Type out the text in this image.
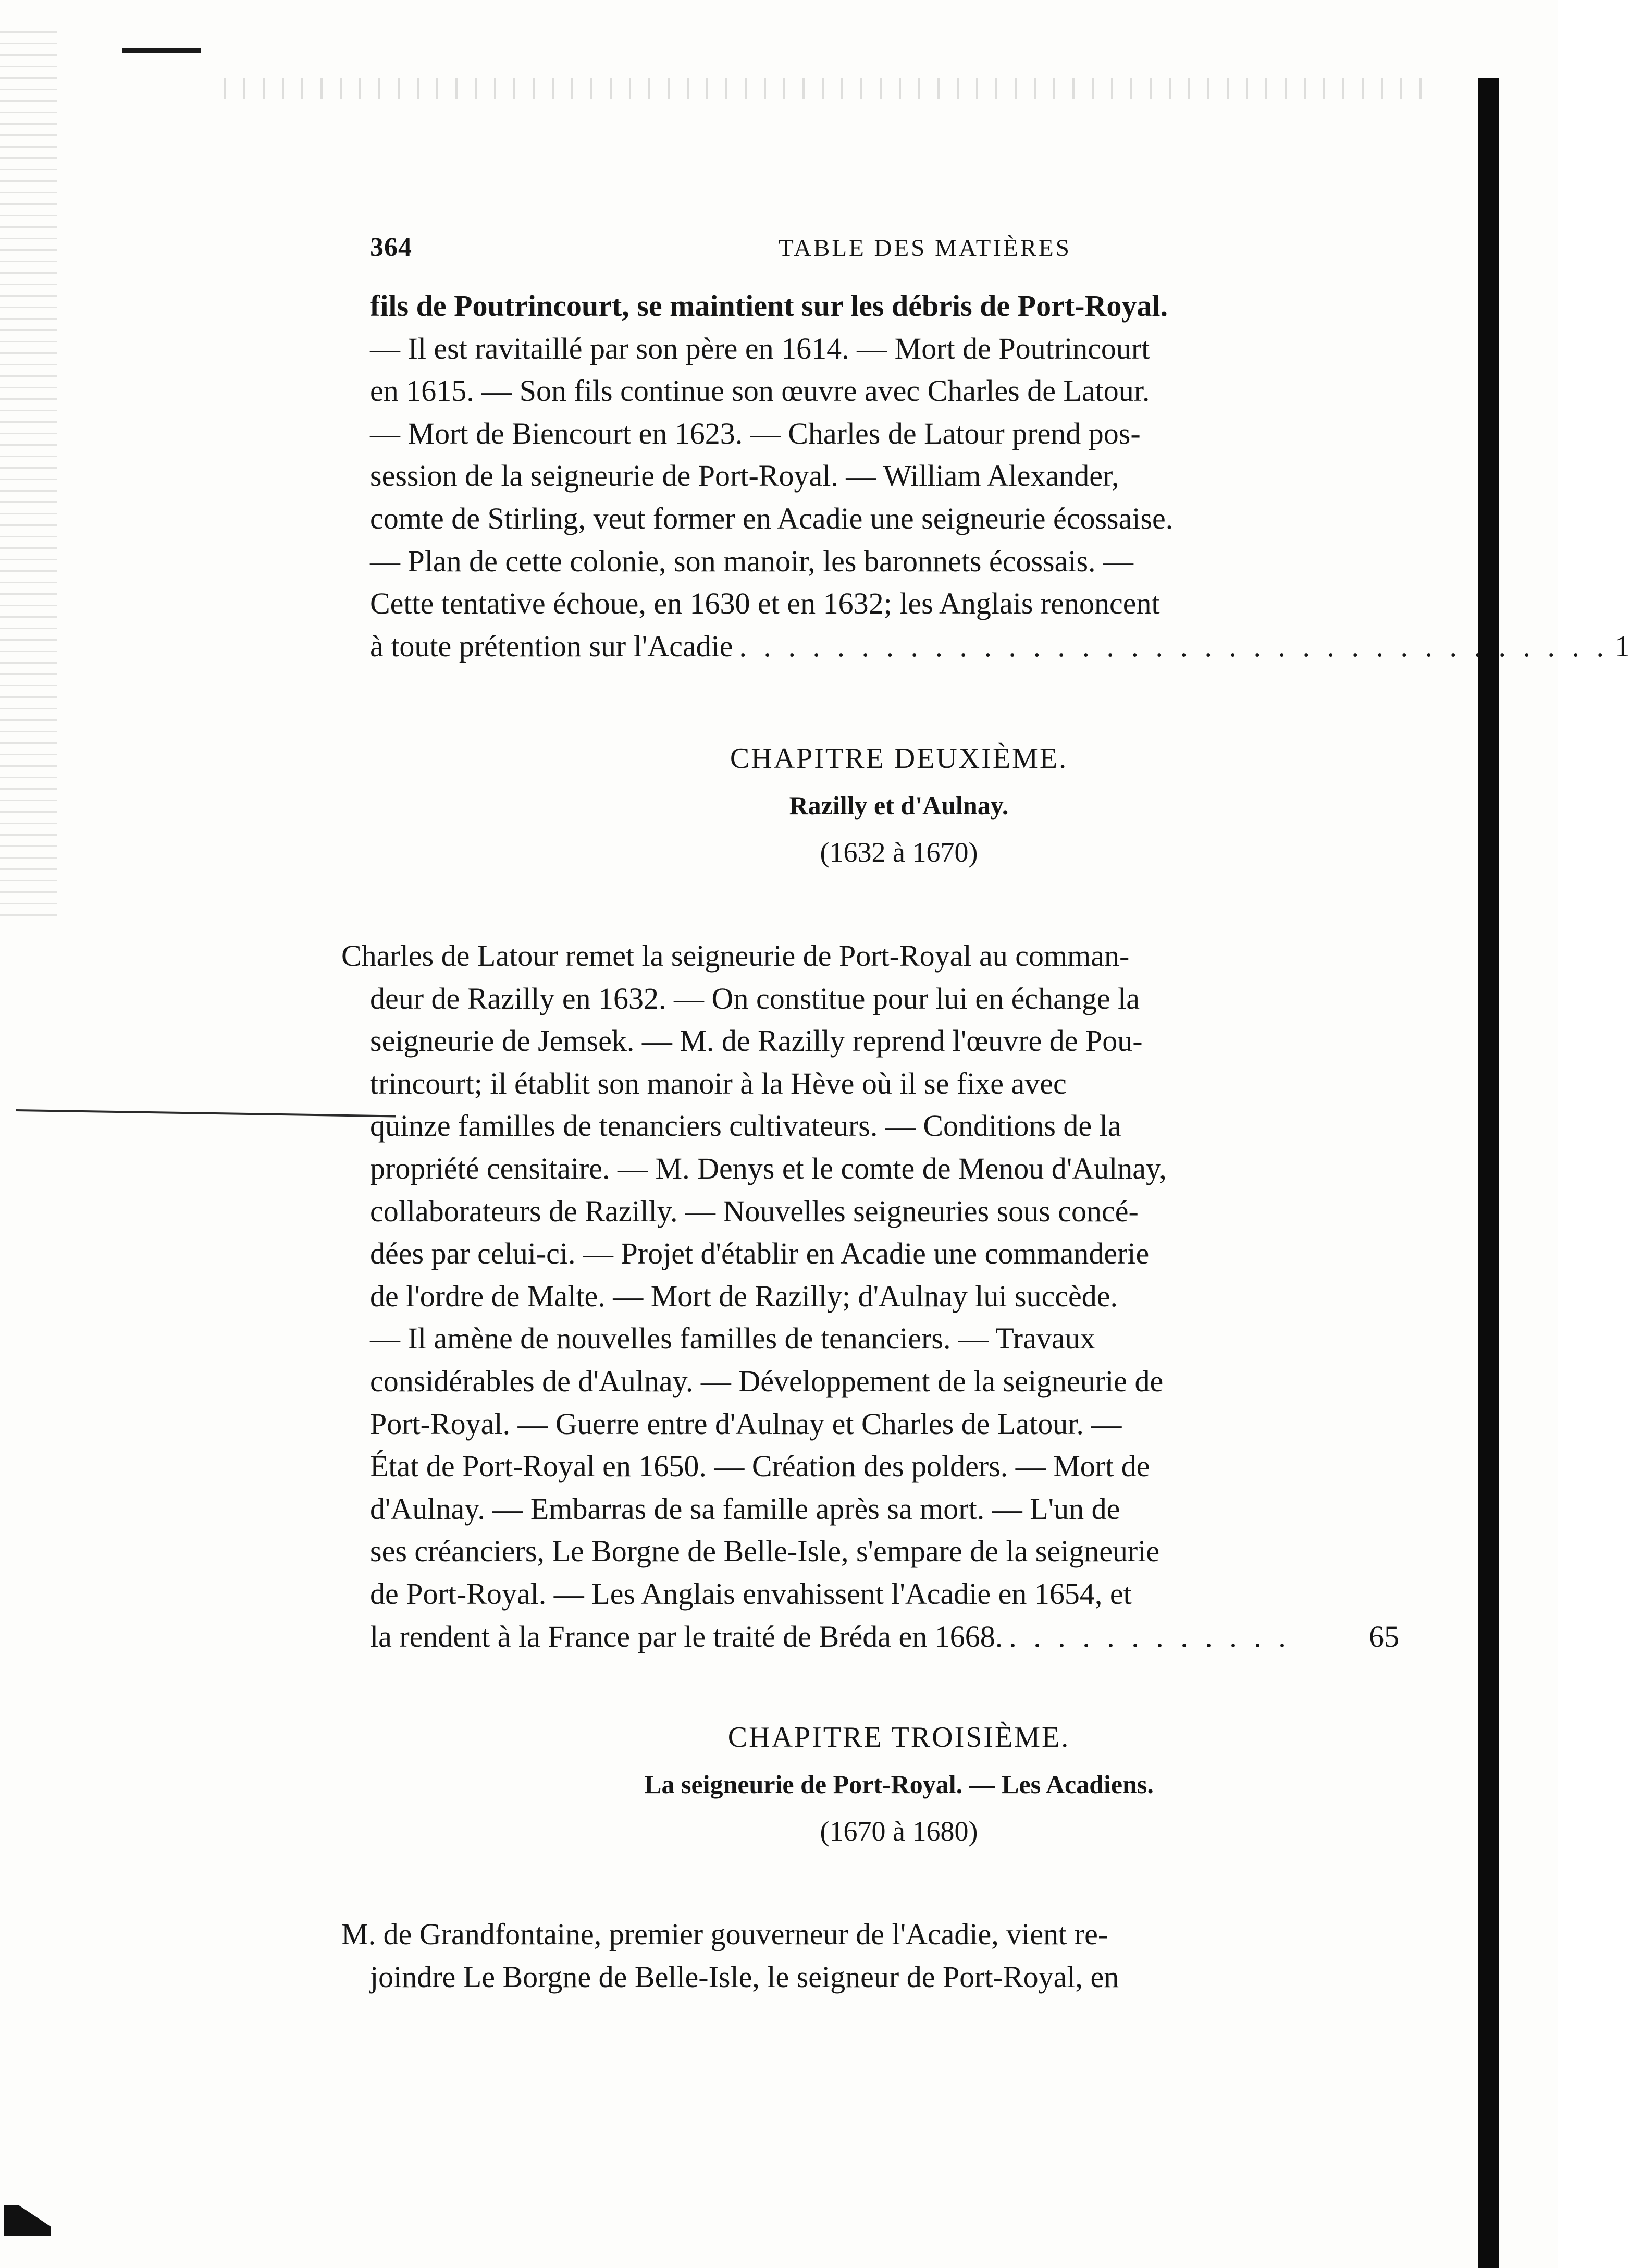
364	TABLE DES MATIÈRES

fils de Poutrincourt, se maintient sur les débris de Port-Royal.

— Il est ravitaillé par son père en 1614. — Mort de Poutrincourt

en 1615. — Son fils continue son œuvre avec Charles de Latour.

— Mort de Biencourt en 1623. — Charles de Latour prend pos-

session de la seigneurie de Port-Royal. — William Alexander,

comte de Stirling, veut former en Acadie une seigneurie écossaise.

— Plan de cette colonie, son manoir, les baronnets écossais. —

Cette tentative échoue, en 1630 et en 1632; les Anglais renoncent

à toute prétention sur l'Acadie . . . . . . . . . . . . . . . . . . . . . . . . . . . . . . . . . . . . 1
CHAPITRE DEUXIÈME.
Razilly et d'Aulnay.
(1632 à 1670)

Charles de Latour remet la seigneurie de Port-Royal au comman-

deur de Razilly en 1632. — On constitue pour lui en échange la

seigneurie de Jemsek. — M. de Razilly reprend l'œuvre de Pou-

trincourt; il établit son manoir à la Hève où il se fixe avec

quinze familles de tenanciers cultivateurs. — Conditions de la

propriété censitaire. — M. Denys et le comte de Menou d'Aulnay,

collaborateurs de Razilly. — Nouvelles seigneuries sous concé-

dées par celui-ci. — Projet d'établir en Acadie une commanderie

de l'ordre de Malte. — Mort de Razilly; d'Aulnay lui succède.

— Il amène de nouvelles familles de tenanciers. — Travaux

considérables de d'Aulnay. — Développement de la seigneurie de

Port-Royal. — Guerre entre d'Aulnay et Charles de Latour. —

État de Port-Royal en 1650. — Création des polders. — Mort de

d'Aulnay. — Embarras de sa famille après sa mort. — L'un de

ses créanciers, Le Borgne de Belle-Isle, s'empare de la seigneurie

de Port-Royal. — Les Anglais envahissent l'Acadie en 1654, et

la rendent à la France par le traité de Bréda en 1668. . . . . . . . . . . . .	65
CHAPITRE TROISIÈME.
La seigneurie de Port-Royal. — Les Acadiens.
(1670 à 1680)

M. de Grandfontaine, premier gouverneur de l'Acadie, vient re-

joindre Le Borgne de Belle-Isle, le seigneur de Port-Royal, en
